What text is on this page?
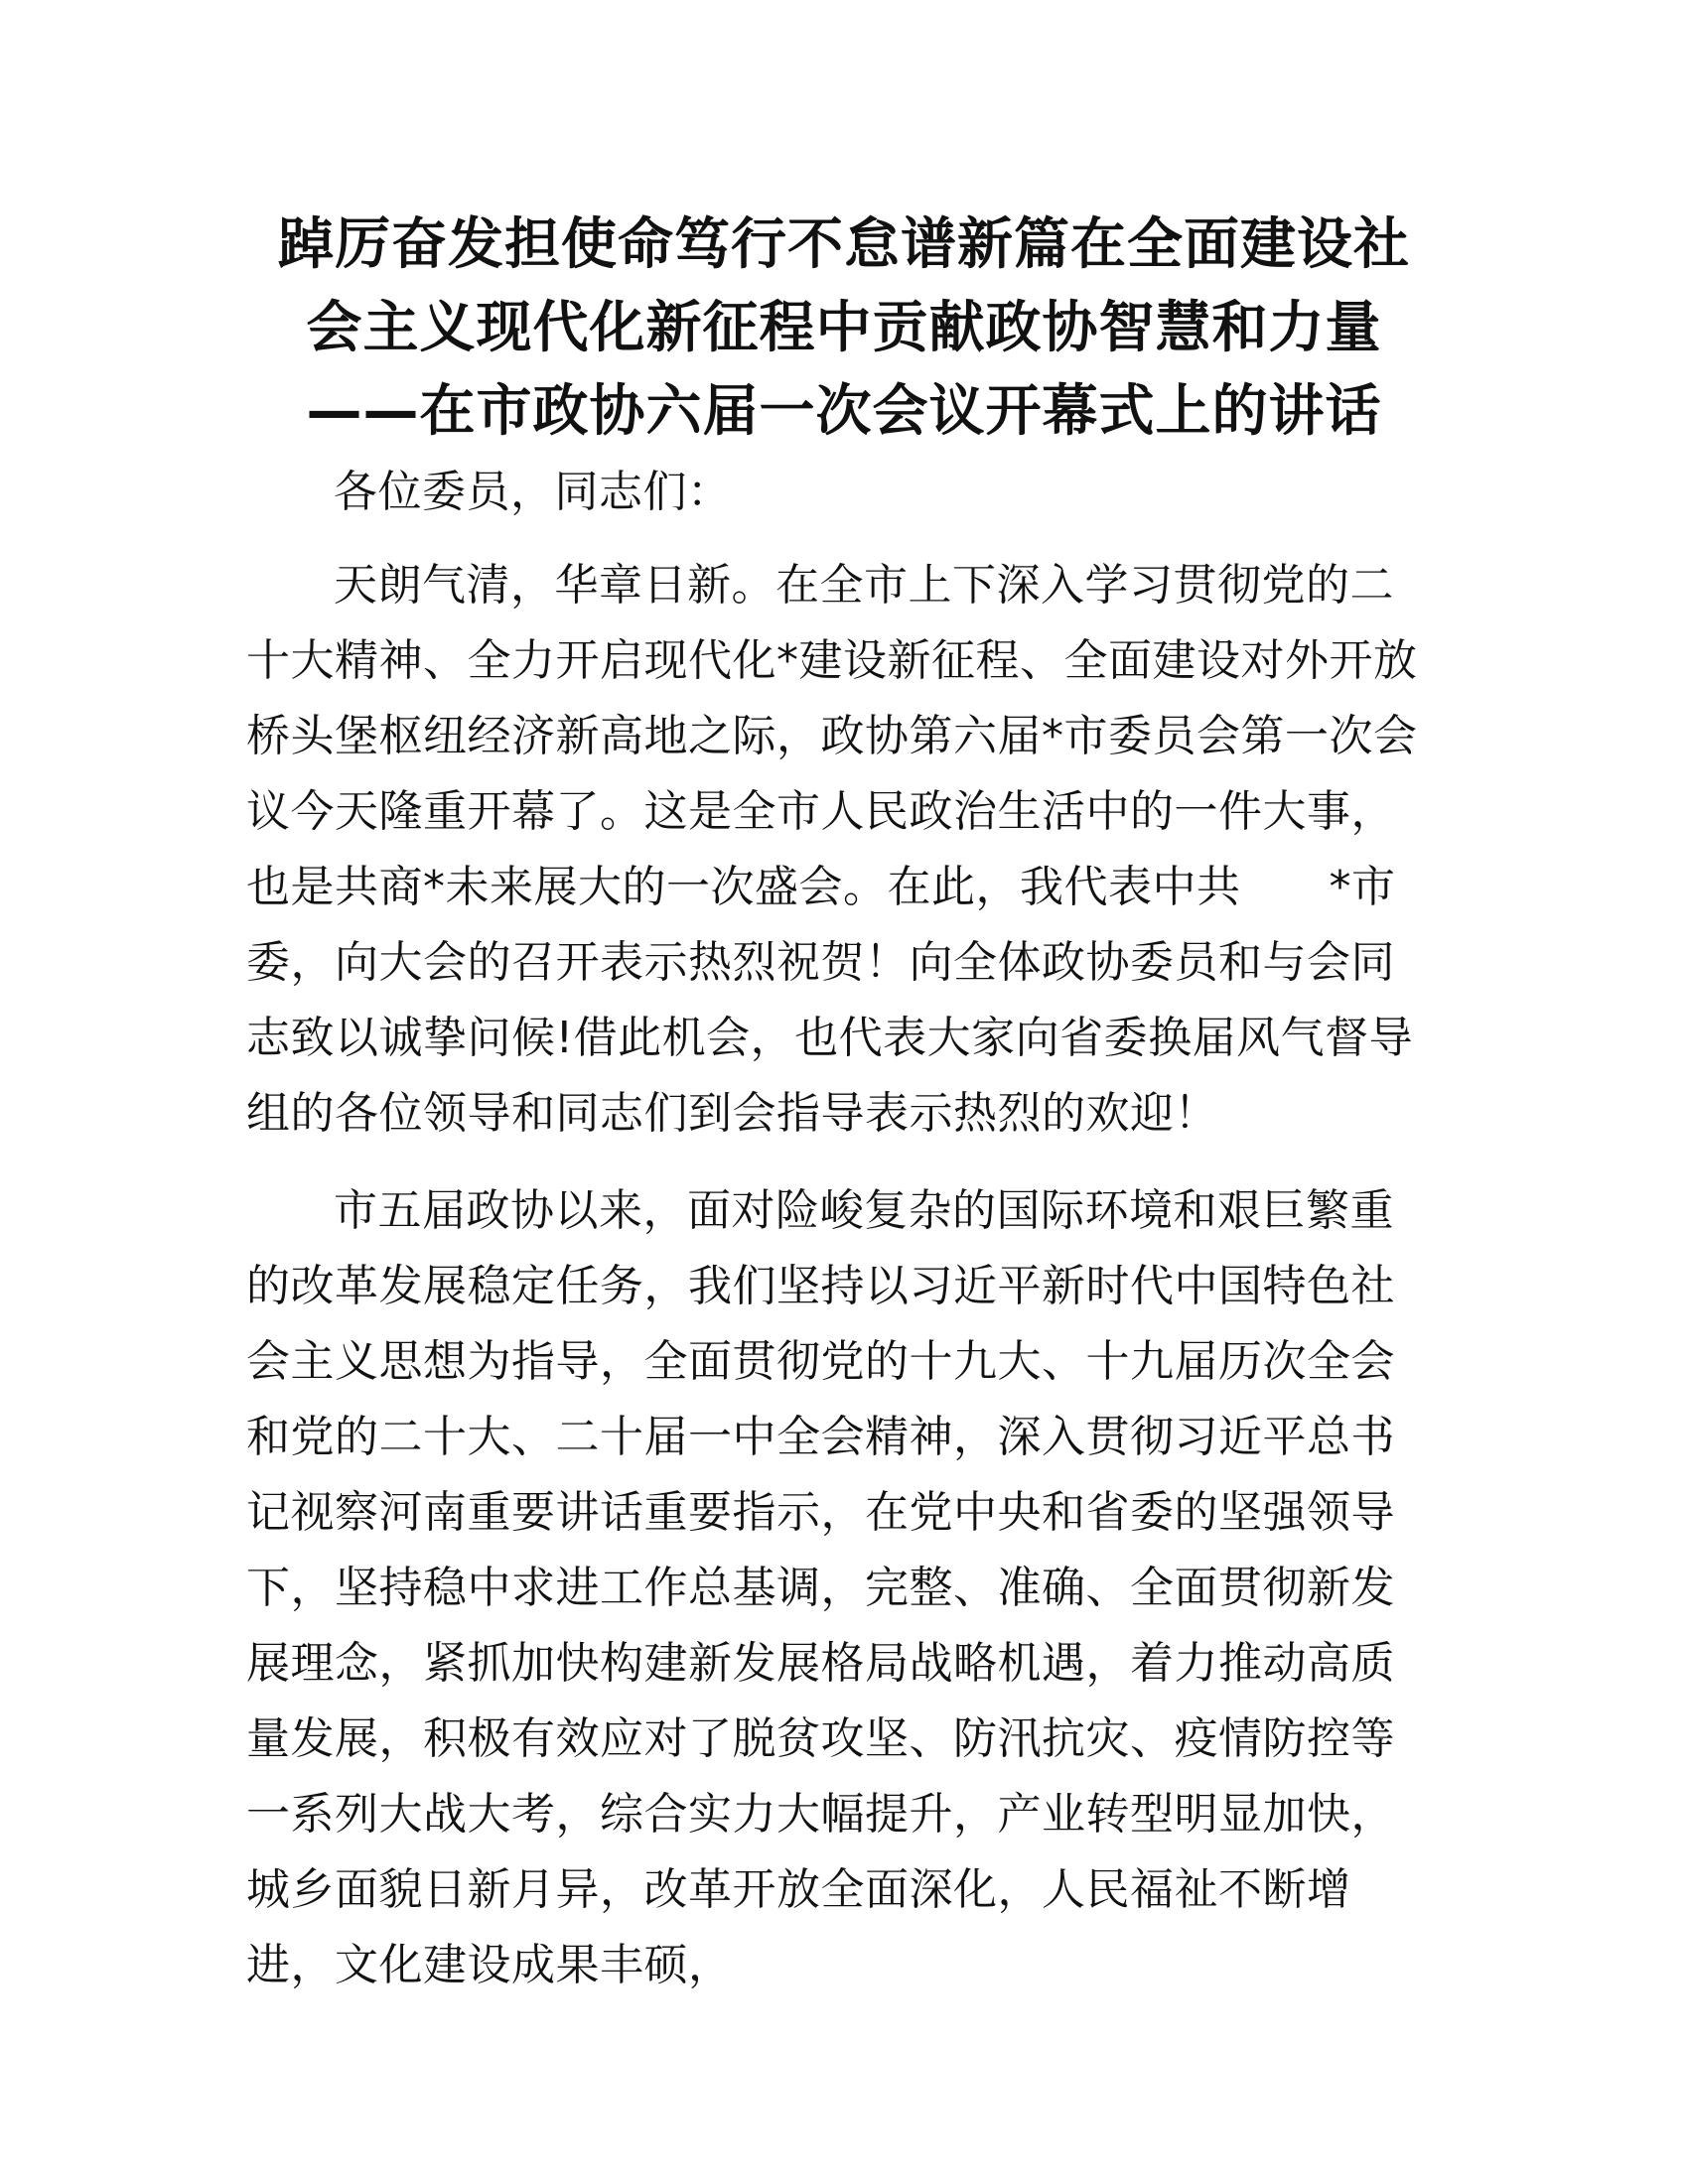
踔厉奋发担使命笃行不怠谱新篇在全面建设社
会主义现代化新征程中贡献政协智慧和力量
——在市政协六届一次会议开幕式上的讲话
各位委员，同志们：

天朗气清，华章日新。在全市上下深入学习贯彻党的二十大精神、全力开启现代化*建设新征程、全面建设对外开放桥头堡枢纽经济新高地之际，政协第六届*市委员会第一次会议今天隆重开幕了。这是全市人民政治生活中的一件大事，也是共商*未来展大的一次盛会。在此，我代表中共　　*市委，向大会的召开表示热烈祝贺！向全体政协委员和与会同志致以诚挚问候!借此机会，也代表大家向省委换届风气督导组的各位领导和同志们到会指导表示热烈的欢迎！

市五届政协以来，面对险峻复杂的国际环境和艰巨繁重的改革发展稳定任务，我们坚持以习近平新时代中国特色社会主义思想为指导，全面贯彻党的十九大、十九届历次全会和党的二十大、二十届一中全会精神，深入贯彻习近平总书记视察河南重要讲话重要指示，在党中央和省委的坚强领导下，坚持稳中求进工作总基调，完整、准确、全面贯彻新发展理念，紧抓加快构建新发展格局战略机遇，着力推动高质量发展，积极有效应对了脱贫攻坚、防汛抗灾、疫情防控等一系列大战大考，综合实力大幅提升，产业转型明显加快，城乡面貌日新月异，改革开放全面深化，人民福祉不断增进，文化建设成果丰硕，
